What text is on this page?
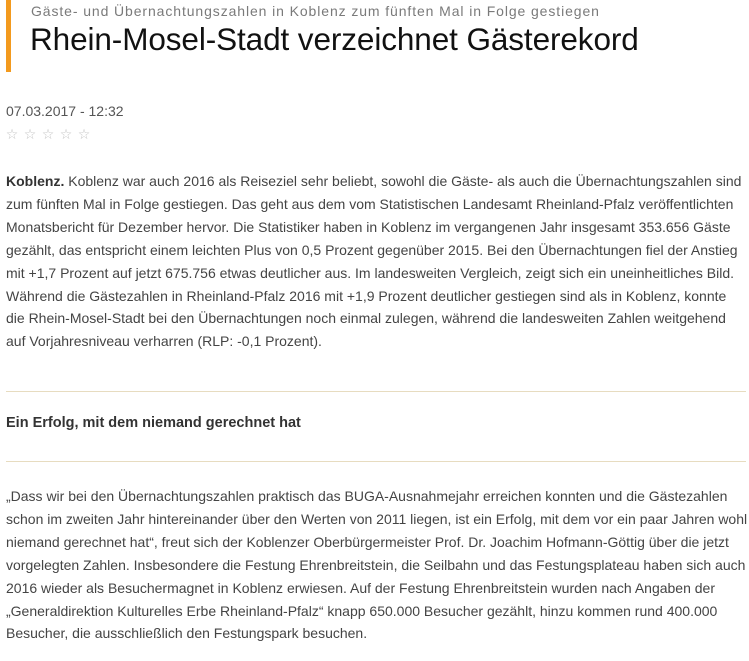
Gäste- und Übernachtungszahlen in Koblenz zum fünften Mal in Folge gestiegen
Rhein-Mosel-Stadt verzeichnet Gästerekord
07.03.2017 - 12:32
☆ ☆ ☆ ☆ ☆

Koblenz. Koblenz war auch 2016 als Reiseziel sehr beliebt, sowohl die Gäste- als auch die Übernachtungszahlen sind zum fünften Mal in Folge gestiegen. Das geht aus dem vom Statistischen Landesamt Rheinland-Pfalz veröffentlichten Monatsbericht für Dezember hervor. Die Statistiker haben in Koblenz im vergangenen Jahr insgesamt 353.656 Gäste gezählt, das entspricht einem leichten Plus von 0,5 Prozent gegenüber 2015. Bei den Übernachtungen fiel der Anstieg mit +1,7 Prozent auf jetzt 675.756 etwas deutlicher aus. Im landesweiten Vergleich, zeigt sich ein uneinheitliches Bild. Während die Gästezahlen in Rheinland-Pfalz 2016 mit +1,9 Prozent deutlicher gestiegen sind als in Koblenz, konnte die Rhein-Mosel-Stadt bei den Übernachtungen noch einmal zulegen, während die landesweiten Zahlen weitgehend auf Vorjahresniveau verharren (RLP: -0,1 Prozent).

Ein Erfolg, mit dem niemand gerechnet hat

„Dass wir bei den Übernachtungszahlen praktisch das BUGA-Ausnahmejahr erreichen konnten und die Gästezahlen schon im zweiten Jahr hintereinander über den Werten von 2011 liegen, ist ein Erfolg, mit dem vor ein paar Jahren wohl niemand gerechnet hat“, freut sich der Koblenzer Oberbürgermeister Prof. Dr. Joachim Hofmann-Göttig über die jetzt vorgelegten Zahlen. Insbesondere die Festung Ehrenbreitstein, die Seilbahn und das Festungsplateau haben sich auch 2016 wieder als Besuchermagnet in Koblenz erwiesen. Auf der Festung Ehrenbreitstein wurden nach Angaben der „Generaldirektion Kulturelles Erbe Rheinland-Pfalz“ knapp 650.000 Besucher gezählt, hinzu kommen rund 400.000 Besucher, die ausschließlich den Festungspark besuchen.
